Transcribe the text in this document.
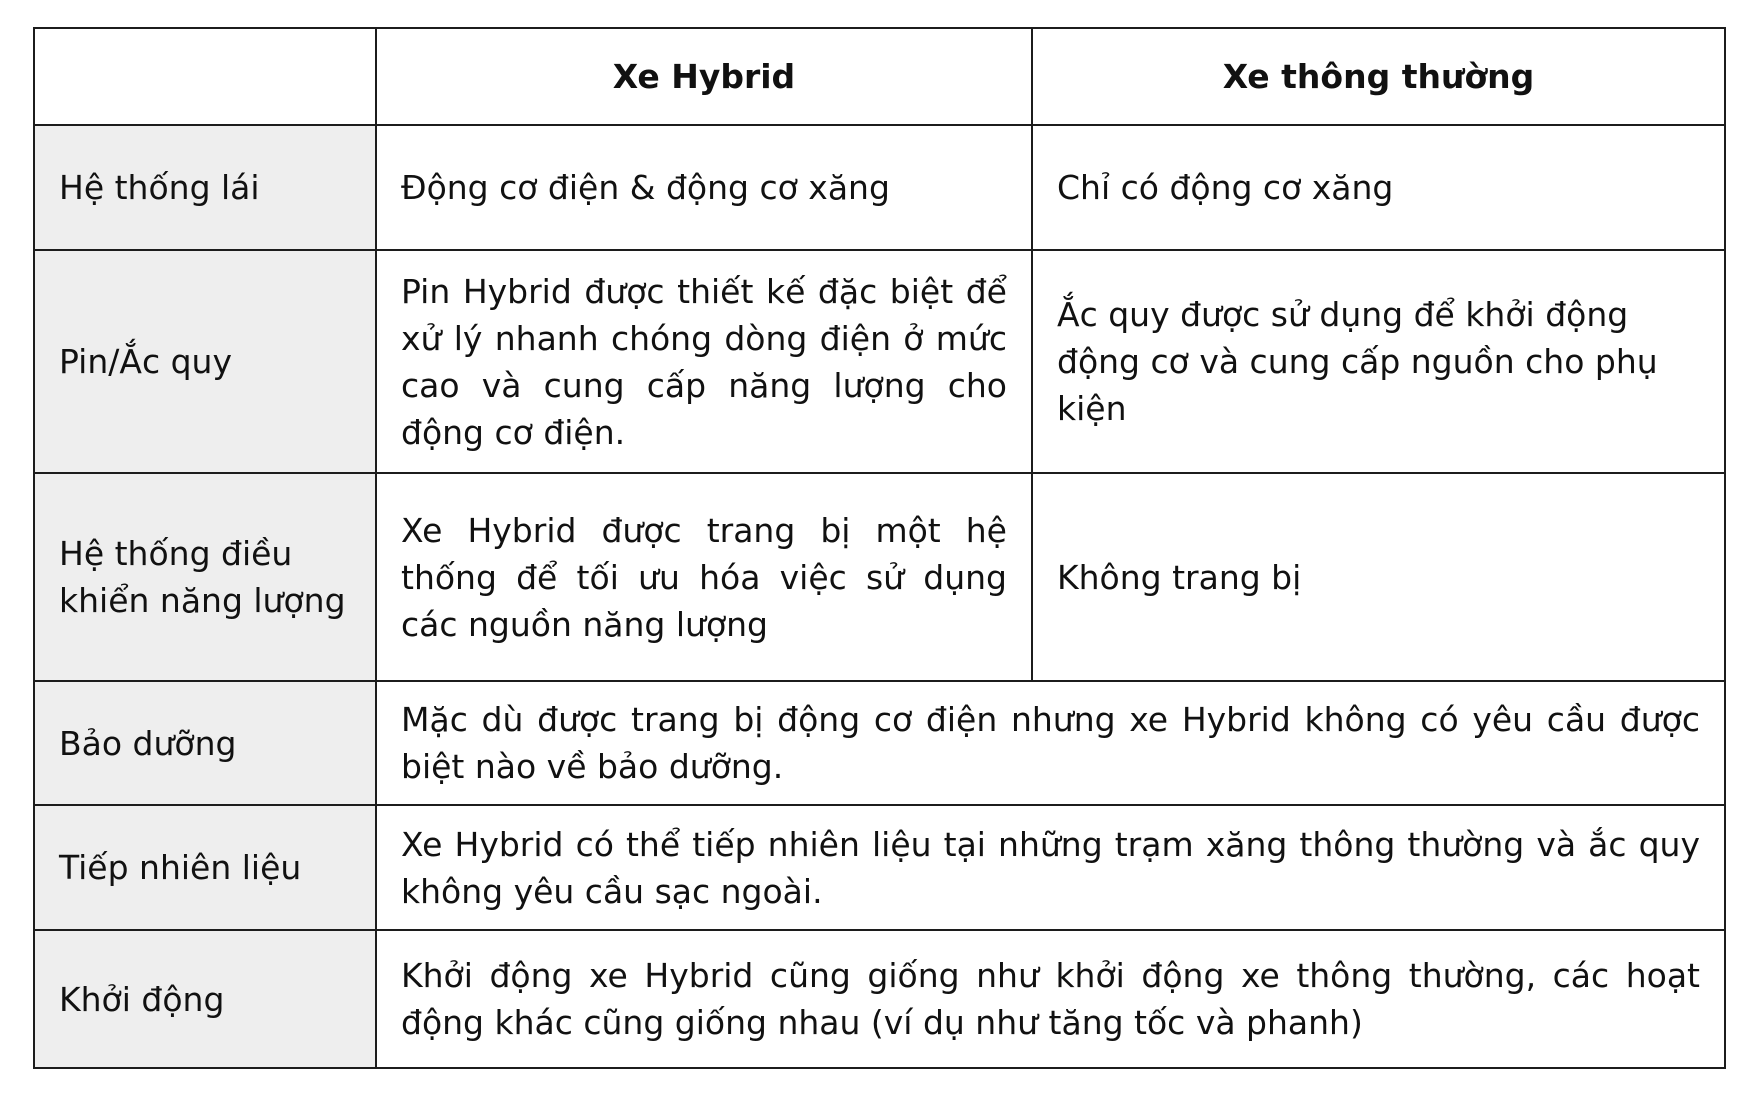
	Xe Hybrid	Xe thông thường
Hệ thống lái	Động cơ điện & động cơ xăng	Chỉ có động cơ xăng
Pin/Ắc quy	Pin Hybrid được thiết kế đặc biệt để xử lý nhanh chóng dòng điện ở mức cao và cung cấp năng lượng cho động cơ điện.	Ắc quy được sử dụng để khởi động động cơ và cung cấp nguồn cho phụ kiện
Hệ thống điều khiển năng lượng	Xe Hybrid được trang bị một hệ thống để tối ưu hóa việc sử dụng các nguồn năng lượng	Không trang bị
Bảo dưỡng	Mặc dù được trang bị động cơ điện nhưng xe Hybrid không có yêu cầu được biệt nào về bảo dưỡng.	
Tiếp nhiên liệu	Xe Hybrid có thể tiếp nhiên liệu tại những trạm xăng thông thường và ắc quy không yêu cầu sạc ngoài.	
Khởi động	Khởi động xe Hybrid cũng giống như khởi động xe thông thường, các hoạt động khác cũng giống nhau (ví dụ như tăng tốc và phanh)	
